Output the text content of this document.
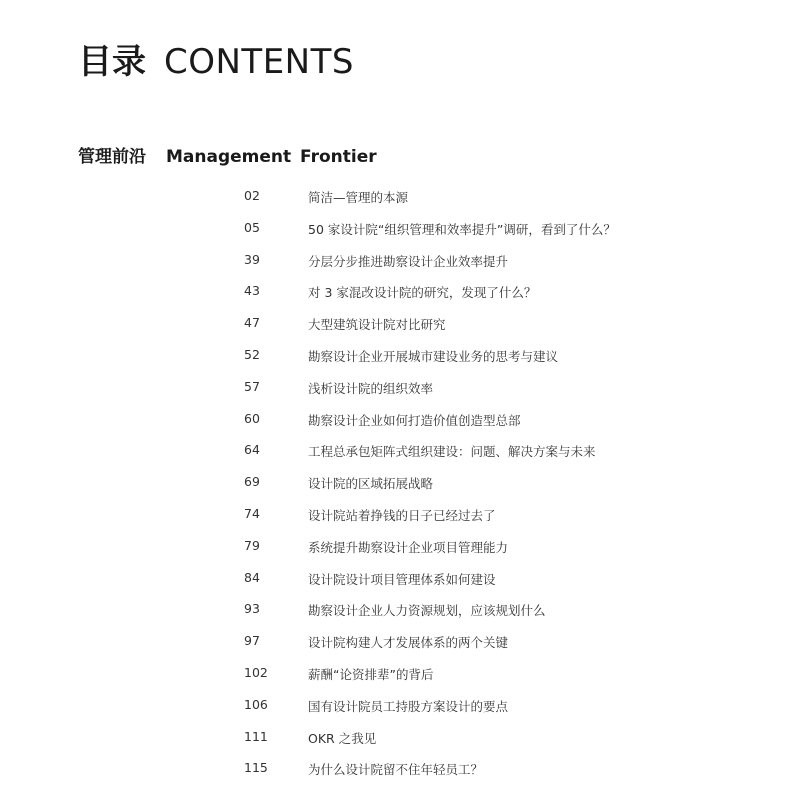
目录 CONTENTS
管理前沿 Management Frontier
02	简洁—管理的本源
05	50 家设计院“组织管理和效率提升”调研，看到了什么？
39	分层分步推进勘察设计企业效率提升
43	对 3 家混改设计院的研究，发现了什么？
47	大型建筑设计院对比研究
52	勘察设计企业开展城市建设业务的思考与建议
57	浅析设计院的组织效率
60	勘察设计企业如何打造价值创造型总部
64	工程总承包矩阵式组织建设：问题、解决方案与未来
69	设计院的区域拓展战略
74	设计院站着挣钱的日子已经过去了
79	系统提升勘察设计企业项目管理能力
84	设计院设计项目管理体系如何建设
93	勘察设计企业人力资源规划，应该规划什么
97	设计院构建人才发展体系的两个关键
102	薪酬“论资排辈”的背后
106	国有设计院员工持股方案设计的要点
111	OKR 之我见
115	为什么设计院留不住年轻员工？
